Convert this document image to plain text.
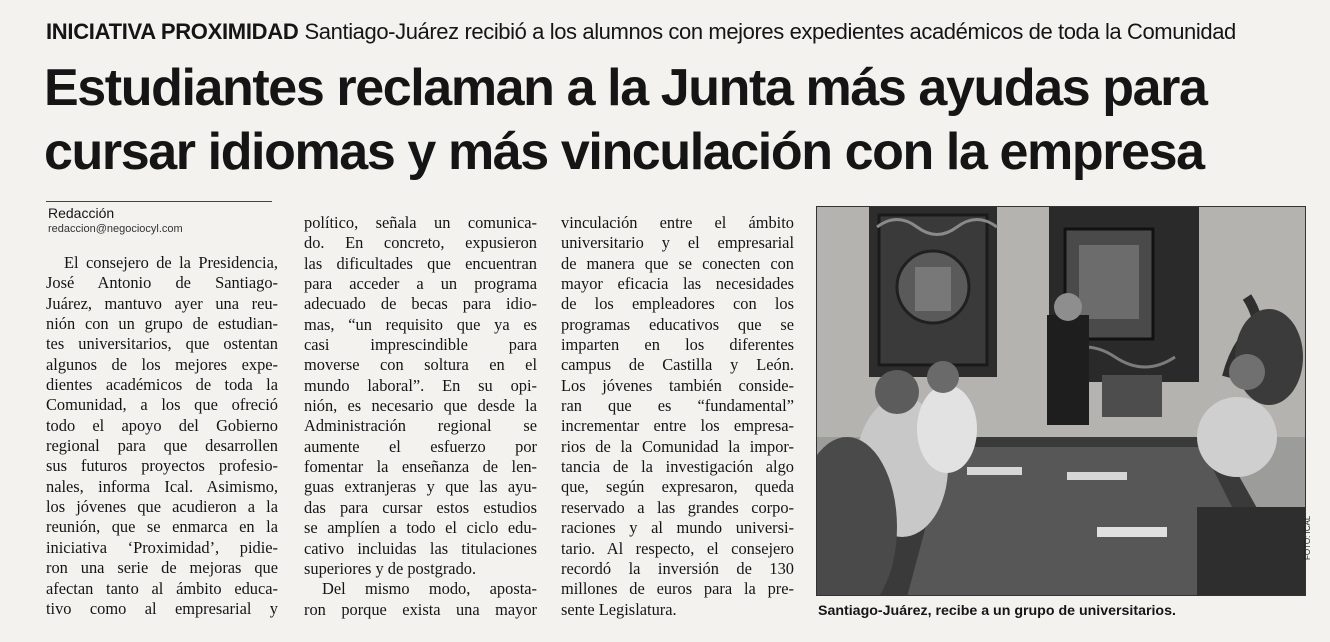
INICIATIVA PROXIMIDAD Santiago-Juárez recibió a los alumnos con mejores expedientes académicos de toda la Comunidad
Estudiantes reclaman a la Junta más ayudas para
cursar idiomas y más vinculación con la empresa
Redacción
redaccion@negociocyl.com
El consejero de la Presidencia,
José Antonio de Santiago-
Juárez, mantuvo ayer una reu-
nión con un grupo de estudian-
tes universitarios, que ostentan
algunos de los mejores expe-
dientes académicos de toda la
Comunidad, a los que ofreció
todo el apoyo del Gobierno
regional para que desarrollen
sus futuros proyectos profesio-
nales, informa Ical. Asimismo,
los jóvenes que acudieron a la
reunión, que se enmarca en la
iniciativa ‘Proximidad’, pidie-
ron una serie de mejoras que
afectan tanto al ámbito educa-
tivo como al empresarial y
político, señala un comunica-
do. En concreto, expusieron
las dificultades que encuentran
para acceder a un programa
adecuado de becas para idio-
mas, “un requisito que ya es
casi imprescindible para
moverse con soltura en el
mundo laboral”. En su opi-
nión, es necesario que desde la
Administración regional se
aumente el esfuerzo por
fomentar la enseñanza de len-
guas extranjeras y que las ayu-
das para cursar estos estudios
se amplíen a todo el ciclo edu-
cativo incluidas las titulaciones
superiores y de postgrado.
Del mismo modo, aposta-
ron porque exista una mayor
vinculación entre el ámbito
universitario y el empresarial
de manera que se conecten con
mayor eficacia las necesidades
de los empleadores con los
programas educativos que se
imparten en los diferentes
campus de Castilla y León.
Los jóvenes también conside-
ran que es “fundamental”
incrementar entre los empresa-
rios de la Comunidad la impor-
tancia de la investigación algo
que, según expresaron, queda
reservado a las grandes corpo-
raciones y al mundo universi-
tario. Al respecto, el consejero
recordó la inversión de 130
millones de euros para la pre-
sente Legislatura.
FOTO: ICAL
Santiago-Juárez, recibe a un grupo de universitarios.
